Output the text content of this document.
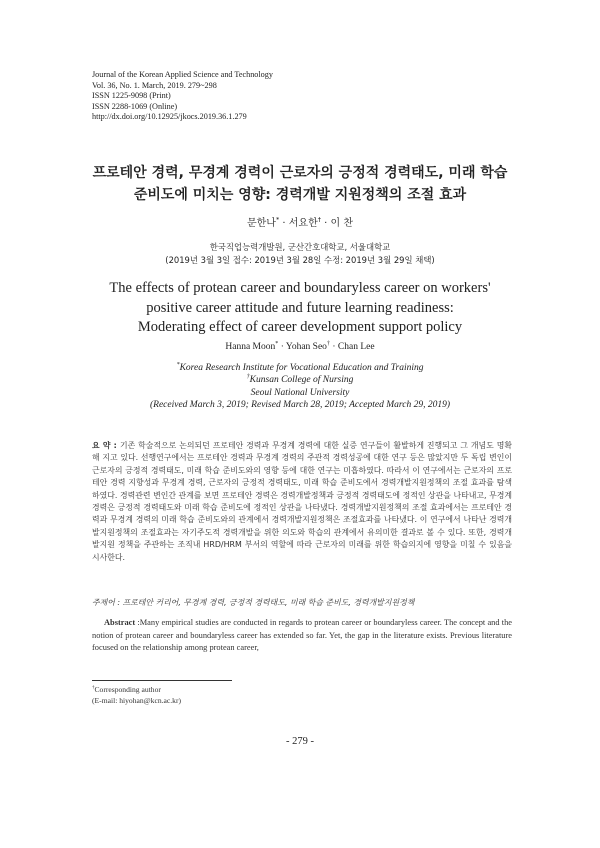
Journal of the Korean Applied Science and Technology
Vol. 36, No. 1. March, 2019. 279~298
ISSN 1225-9098 (Print)
ISSN 2288-1069 (Online)
http://dx.doi.org/10.12925/jkocs.2019.36.1.279
프로테안 경력, 무경계 경력이 근로자의 긍정적 경력태도, 미래 학습
준비도에 미치는 영향: 경력개발 지원정책의 조절 효과
문한나* · 서요한† · 이 찬
한국직업능력개발원, 군산간호대학교, 서울대학교
(2019년 3월 3일 접수: 2019년 3월 28일 수정: 2019년 3월 29일 채택)
The effects of protean career and boundaryless career on workers'
positive career attitude and future learning readiness:
Moderating effect of career development support policy
Hanna Moon* · Yohan Seo† · Chan Lee
*Korea Research Institute for Vocational Education and Training
†Kunsan College of Nursing
Seoul National University
(Received March 3, 2019; Revised March 28, 2019; Accepted March 29, 2019)
요 약 : 기존 학술적으로 논의되던 프로테안 경력과 무경계 경력에 대한 실증 연구들이 활발하게 진행되고 그 개념도 명확해 지고 있다. 선행연구에서는 프로테안 경력과 무경계 경력의 주관적 경력성공에 대한 연구 등은 많았지만 두 독립 변인이 근로자의 긍정적 경력태도, 미래 학습 준비도와의 영향 등에 대한 연구는 미흡하였다. 따라서 이 연구에서는 근로자의 프로테안 경력 지향성과 무경계 경력, 근로자의 긍정적 경력태도, 미래 학습 준비도에서 경력개발지원정책의 조절 효과를 탐색하였다. 경력관련 변인간 관계를 보면 프로테안 경력은 경력개발정책과 긍정적 경력태도에 정적인 상관을 나타내고, 무경계 경력은 긍정적 경력태도와 미래 학습 준비도에 정적인 상관을 나타냈다. 경력개발지원정책의 조절 효과에서는 프로테안 경력과 무경계 경력의 미래 학습 준비도와의 관계에서 경력개발지원정책은 조절효과를 나타냈다. 이 연구에서 나타난 경력개발지원정책의 조절효과는 자기주도적 경력개발을 위한 의도와 학습의 관계에서 유의미한 결과로 볼 수 있다. 또한, 경력개발지원 정책을 주관하는 조직내 HRD/HRM 부서의 역할에 따라 근로자의 미래를 위한 학습의지에 영향을 미칠 수 있음을 시사한다.
주제어 : 프로테안 커리어, 무경계 경력, 긍정적 경력태도, 미래 학습 준비도, 경력개발지원정책
Abstract :Many empirical studies are conducted in regards to protean career or boundaryless career. The concept and the notion of protean career and boundaryless career has extended so far. Yet, the gap in the literature exists. Previous literature focused on the relationship among protean career,
†Corresponding author
(E-mail: hiyohan@kcn.ac.kr)
- 279 -
